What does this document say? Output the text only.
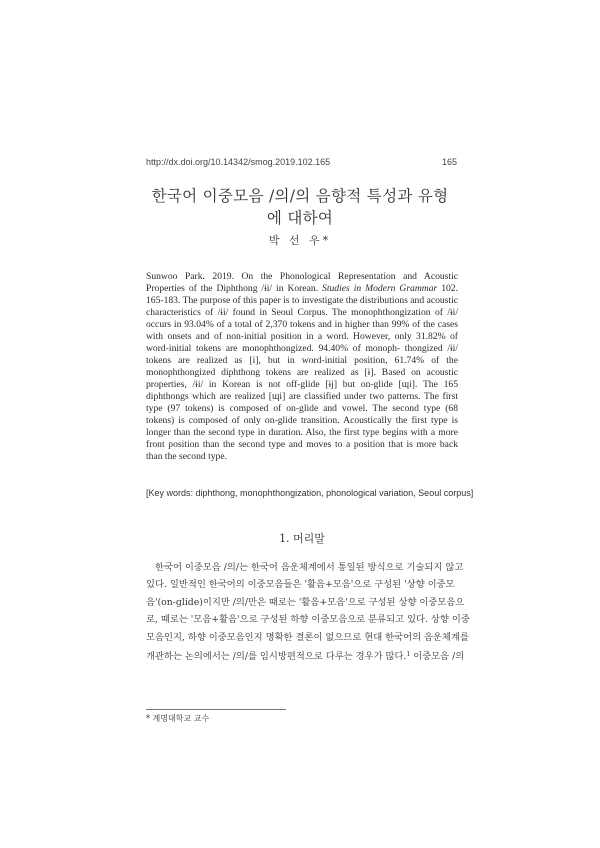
http://dx.doi.org/10.14342/smog.2019.102.165	165
한국어 이중모음 /의/의 음향적 특성과 유형에 대하여
박 선 우*
Sunwoo Park. 2019. On the Phonological Representation and Acoustic Properties of the Diphthong /ɨi/ in Korean. Studies in Modern Grammar 102. 165-183. The purpose of this paper is to investigate the distributions and acoustic characteristics of /ɨi/ found in Seoul Corpus. The monophthongization of /ɨi/ occurs in 93.04% of a total of 2,370 tokens and in higher than 99% of the cases with onsets and of non-initial position in a word. However, only 31.82% of word-initial tokens are monophthongized. 94.40% of monoph- thongized /ɨi/ tokens are realized as [i], but in word-initial position, 61.74% of the monophthongized diphthong tokens are realized as [ɨ]. Based on acoustic properties, /ɨi/ in Korean is not off-glide [ɨj] but on-glide [ɰi]. The 165 diphthongs which are realized [ɰi] are classified under two patterns. The first type (97 tokens) is composed of on-glide and vowel. The second type (68 tokens) is composed of only on-glide transition. Acoustically the first type is longer than the second type in duration. Also, the first type begins with a more front position than the second type and moves to a position that is more back than the second type.
[Key words: diphthong, monophthongization, phonological variation, Seoul corpus]
1. 머리말
한국어 이중모음 /의/는 한국어 음운체계에서 통일된 방식으로 기술되지 않고
있다. 일반적인 한국어의 이중모음들은 '활음+모음'으로 구성된 '상향 이중모
음'(on-glide)이지만 /의/만은 때로는 '활음+모음'으로 구성된 상향 이중모음으
로, 때로는 '모음+활음'으로 구성된 하향 이중모음으로 분류되고 있다. 상향 이중
모음인지, 하향 이중모음인지 명확한 결론이 없으므로 현대 한국어의 음운체계를
개관하는 논의에서는 /의/를 임시방편적으로 다루는 경우가 많다.$^1$ 이중모음 /의
* 계명대학교 교수
